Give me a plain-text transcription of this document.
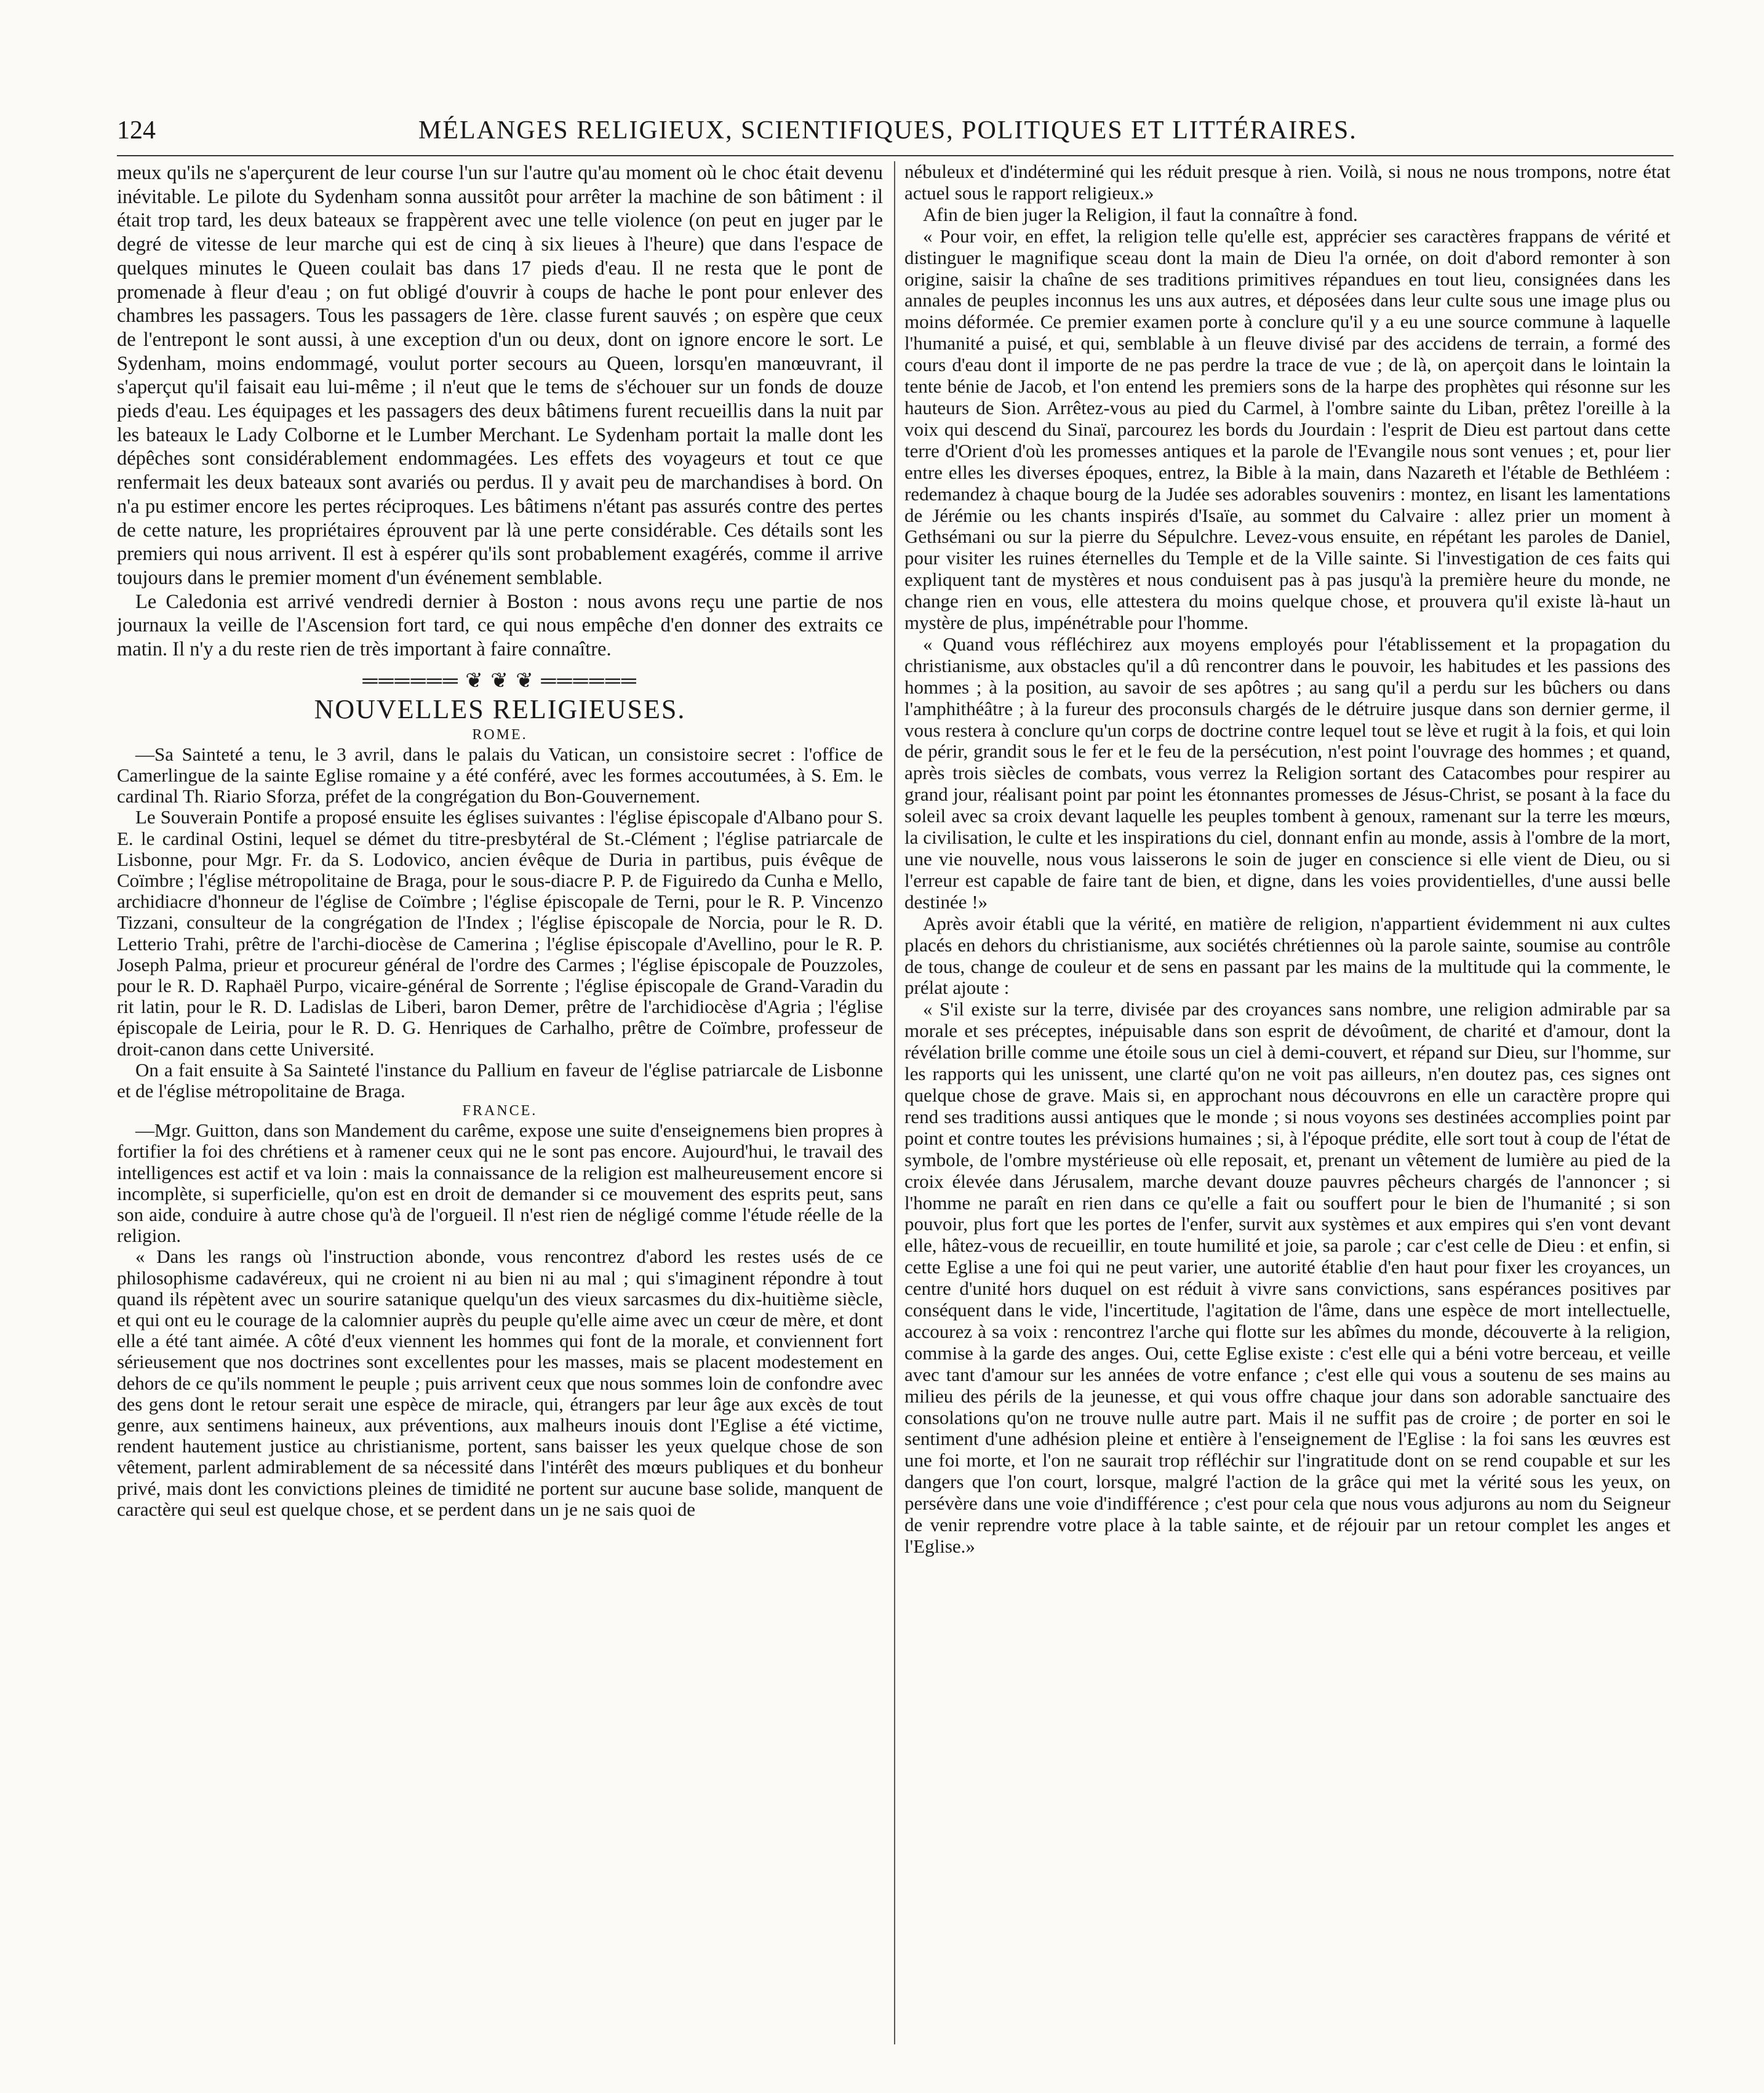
124	MÉLANGES RELIGIEUX, SCIENTIFIQUES, POLITIQUES ET LITTÉRAIRES.

meux qu'ils ne s'aperçurent de leur course l'un sur l'autre qu'au moment où le choc était devenu inévitable. Le pilote du Sydenham sonna aussitôt pour arrêter la machine de son bâtiment : il était trop tard, les deux bateaux se frappèrent avec une telle violence (on peut en juger par le degré de vitesse de leur marche qui est de cinq à six lieues à l'heure) que dans l'espace de quelques minutes le Queen coulait bas dans 17 pieds d'eau. Il ne resta que le pont de promenade à fleur d'eau ; on fut obligé d'ouvrir à coups de hache le pont pour enlever des chambres les passagers. Tous les passagers de 1ère. classe furent sauvés ; on espère que ceux de l'entrepont le sont aussi, à une exception d'un ou deux, dont on ignore encore le sort. Le Sydenham, moins endommagé, voulut porter secours au Queen, lorsqu'en manœuvrant, il s'aperçut qu'il faisait eau lui-même ; il n'eut que le tems de s'échouer sur un fonds de douze pieds d'eau. Les équipages et les passagers des deux bâtimens furent recueillis dans la nuit par les bateaux le Lady Colborne et le Lumber Merchant. Le Sydenham portait la malle dont les dépêches sont considérablement endommagées. Les effets des voyageurs et tout ce que renfermait les deux bateaux sont avariés ou perdus. Il y avait peu de marchandises à bord. On n'a pu estimer encore les pertes réciproques. Les bâtimens n'étant pas assurés contre des pertes de cette nature, les propriétaires éprouvent par là une perte considérable. Ces détails sont les premiers qui nous arrivent. Il est à espérer qu'ils sont probablement exagérés, comme il arrive toujours dans le premier moment d'un événement semblable.

Le Caledonia est arrivé vendredi dernier à Boston : nous avons reçu une partie de nos journaux la veille de l'Ascension fort tard, ce qui nous empêche d'en donner des extraits ce matin. Il n'y a du reste rien de très important à faire connaître.

══════ ❦ ❦ ❦ ══════
NOUVELLES RELIGIEUSES.

ROME.

—Sa Sainteté a tenu, le 3 avril, dans le palais du Vatican, un consistoire secret : l'office de Camerlingue de la sainte Eglise romaine y a été conféré, avec les formes accoutumées, à S. Em. le cardinal Th. Riario Sforza, préfet de la congrégation du Bon-Gouvernement.

Le Souverain Pontife a proposé ensuite les églises suivantes : l'église épiscopale d'Albano pour S. E. le cardinal Ostini, lequel se démet du titre-presbytéral de St.-Clément ; l'église patriarcale de Lisbonne, pour Mgr. Fr. da S. Lodovico, ancien évêque de Duria in partibus, puis évêque de Coïmbre ; l'église métropolitaine de Braga, pour le sous-diacre P. P. de Figuiredo da Cunha e Mello, archidiacre d'honneur de l'église de Coïmbre ; l'église épiscopale de Terni, pour le R. P. Vincenzo Tizzani, consulteur de la congrégation de l'Index ; l'église épiscopale de Norcia, pour le R. D. Letterio Trahi, prêtre de l'archi-diocèse de Camerina ; l'église épiscopale d'Avellino, pour le R. P. Joseph Palma, prieur et procureur général de l'ordre des Carmes ; l'église épiscopale de Pouzzoles, pour le R. D. Raphaël Purpo, vicaire-général de Sorrente ; l'église épiscopale de Grand-Varadin du rit latin, pour le R. D. Ladislas de Liberi, baron Demer, prêtre de l'archidiocèse d'Agria ; l'église épiscopale de Leiria, pour le R. D. G. Henriques de Carhalho, prêtre de Coïmbre, professeur de droit-canon dans cette Université.

On a fait ensuite à Sa Sainteté l'instance du Pallium en faveur de l'église patriarcale de Lisbonne et de l'église métropolitaine de Braga.

FRANCE.

—Mgr. Guitton, dans son Mandement du carême, expose une suite d'enseignemens bien propres à fortifier la foi des chrétiens et à ramener ceux qui ne le sont pas encore. Aujourd'hui, le travail des intelligences est actif et va loin : mais la connaissance de la religion est malheureusement encore si incomplète, si superficielle, qu'on est en droit de demander si ce mouvement des esprits peut, sans son aide, conduire à autre chose qu'à de l'orgueil. Il n'est rien de négligé comme l'étude réelle de la religion.

« Dans les rangs où l'instruction abonde, vous rencontrez d'abord les restes usés de ce philosophisme cadavéreux, qui ne croient ni au bien ni au mal ; qui s'imaginent répondre à tout quand ils répètent avec un sourire satanique quelqu'un des vieux sarcasmes du dix-huitième siècle, et qui ont eu le courage de la calomnier auprès du peuple qu'elle aime avec un cœur de mère, et dont elle a été tant aimée. A côté d'eux viennent les hommes qui font de la morale, et conviennent fort sérieusement que nos doctrines sont excellentes pour les masses, mais se placent modestement en dehors de ce qu'ils nomment le peuple ; puis arrivent ceux que nous sommes loin de confondre avec des gens dont le retour serait une espèce de miracle, qui, étrangers par leur âge aux excès de tout genre, aux sentimens haineux, aux préventions, aux malheurs inouis dont l'Eglise a été victime, rendent hautement justice au christianisme, portent, sans baisser les yeux quelque chose de son vêtement, parlent admirablement de sa nécessité dans l'intérêt des mœurs publiques et du bonheur privé, mais dont les convictions pleines de timidité ne portent sur aucune base solide, manquent de caractère qui seul est quelque chose, et se perdent dans un je ne sais quoi de

nébuleux et d'indéterminé qui les réduit presque à rien. Voilà, si nous ne nous trompons, notre état actuel sous le rapport religieux.»

Afin de bien juger la Religion, il faut la connaître à fond.

« Pour voir, en effet, la religion telle qu'elle est, apprécier ses caractères frappans de vérité et distinguer le magnifique sceau dont la main de Dieu l'a ornée, on doit d'abord remonter à son origine, saisir la chaîne de ses traditions primitives répandues en tout lieu, consignées dans les annales de peuples inconnus les uns aux autres, et déposées dans leur culte sous une image plus ou moins déformée. Ce premier examen porte à conclure qu'il y a eu une source commune à laquelle l'humanité a puisé, et qui, semblable à un fleuve divisé par des accidens de terrain, a formé des cours d'eau dont il importe de ne pas perdre la trace de vue ; de là, on aperçoit dans le lointain la tente bénie de Jacob, et l'on entend les premiers sons de la harpe des prophètes qui résonne sur les hauteurs de Sion. Arrêtez-vous au pied du Carmel, à l'ombre sainte du Liban, prêtez l'oreille à la voix qui descend du Sinaï, parcourez les bords du Jourdain : l'esprit de Dieu est partout dans cette terre d'Orient d'où les promesses antiques et la parole de l'Evangile nous sont venues ; et, pour lier entre elles les diverses époques, entrez, la Bible à la main, dans Nazareth et l'étable de Bethléem : redemandez à chaque bourg de la Judée ses adorables souvenirs : montez, en lisant les lamentations de Jérémie ou les chants inspirés d'Isaïe, au sommet du Calvaire : allez prier un moment à Gethsémani ou sur la pierre du Sépulchre. Levez-vous ensuite, en répétant les paroles de Daniel, pour visiter les ruines éternelles du Temple et de la Ville sainte. Si l'investigation de ces faits qui expliquent tant de mystères et nous conduisent pas à pas jusqu'à la première heure du monde, ne change rien en vous, elle attestera du moins quelque chose, et prouvera qu'il existe là-haut un mystère de plus, impénétrable pour l'homme.

« Quand vous réfléchirez aux moyens employés pour l'établissement et la propagation du christianisme, aux obstacles qu'il a dû rencontrer dans le pouvoir, les habitudes et les passions des hommes ; à la position, au savoir de ses apôtres ; au sang qu'il a perdu sur les bûchers ou dans l'amphithéâtre ; à la fureur des proconsuls chargés de le détruire jusque dans son dernier germe, il vous restera à conclure qu'un corps de doctrine contre lequel tout se lève et rugit à la fois, et qui loin de périr, grandit sous le fer et le feu de la persécution, n'est point l'ouvrage des hommes ; et quand, après trois siècles de combats, vous verrez la Religion sortant des Catacombes pour respirer au grand jour, réalisant point par point les étonnantes promesses de Jésus-Christ, se posant à la face du soleil avec sa croix devant laquelle les peuples tombent à genoux, ramenant sur la terre les mœurs, la civilisation, le culte et les inspirations du ciel, donnant enfin au monde, assis à l'ombre de la mort, une vie nouvelle, nous vous laisserons le soin de juger en conscience si elle vient de Dieu, ou si l'erreur est capable de faire tant de bien, et digne, dans les voies providentielles, d'une aussi belle destinée !»

Après avoir établi que la vérité, en matière de religion, n'appartient évidemment ni aux cultes placés en dehors du christianisme, aux sociétés chrétiennes où la parole sainte, soumise au contrôle de tous, change de couleur et de sens en passant par les mains de la multitude qui la commente, le prélat ajoute :

« S'il existe sur la terre, divisée par des croyances sans nombre, une religion admirable par sa morale et ses préceptes, inépuisable dans son esprit de dévoûment, de charité et d'amour, dont la révélation brille comme une étoile sous un ciel à demi-couvert, et répand sur Dieu, sur l'homme, sur les rapports qui les unissent, une clarté qu'on ne voit pas ailleurs, n'en doutez pas, ces signes ont quelque chose de grave. Mais si, en approchant nous découvrons en elle un caractère propre qui rend ses traditions aussi antiques que le monde ; si nous voyons ses destinées accomplies point par point et contre toutes les prévisions humaines ; si, à l'époque prédite, elle sort tout à coup de l'état de symbole, de l'ombre mystérieuse où elle reposait, et, prenant un vêtement de lumière au pied de la croix élevée dans Jérusalem, marche devant douze pauvres pêcheurs chargés de l'annoncer ; si l'homme ne paraît en rien dans ce qu'elle a fait ou souffert pour le bien de l'humanité ; si son pouvoir, plus fort que les portes de l'enfer, survit aux systèmes et aux empires qui s'en vont devant elle, hâtez-vous de recueillir, en toute humilité et joie, sa parole ; car c'est celle de Dieu : et enfin, si cette Eglise a une foi qui ne peut varier, une autorité établie d'en haut pour fixer les croyances, un centre d'unité hors duquel on est réduit à vivre sans convictions, sans espérances positives par conséquent dans le vide, l'incertitude, l'agitation de l'âme, dans une espèce de mort intellectuelle, accourez à sa voix : rencontrez l'arche qui flotte sur les abîmes du monde, découverte à la religion, commise à la garde des anges. Oui, cette Eglise existe : c'est elle qui a béni votre berceau, et veille avec tant d'amour sur les années de votre enfance ; c'est elle qui vous a soutenu de ses mains au milieu des périls de la jeunesse, et qui vous offre chaque jour dans son adorable sanctuaire des consolations qu'on ne trouve nulle autre part. Mais il ne suffit pas de croire ; de porter en soi le sentiment d'une adhésion pleine et entière à l'enseignement de l'Eglise : la foi sans les œuvres est une foi morte, et l'on ne saurait trop réfléchir sur l'ingratitude dont on se rend coupable et sur les dangers que l'on court, lorsque, malgré l'action de la grâce qui met la vérité sous les yeux, on persévère dans une voie d'indifférence ; c'est pour cela que nous vous adjurons au nom du Seigneur de venir reprendre votre place à la table sainte, et de réjouir par un retour complet les anges et l'Eglise.»
